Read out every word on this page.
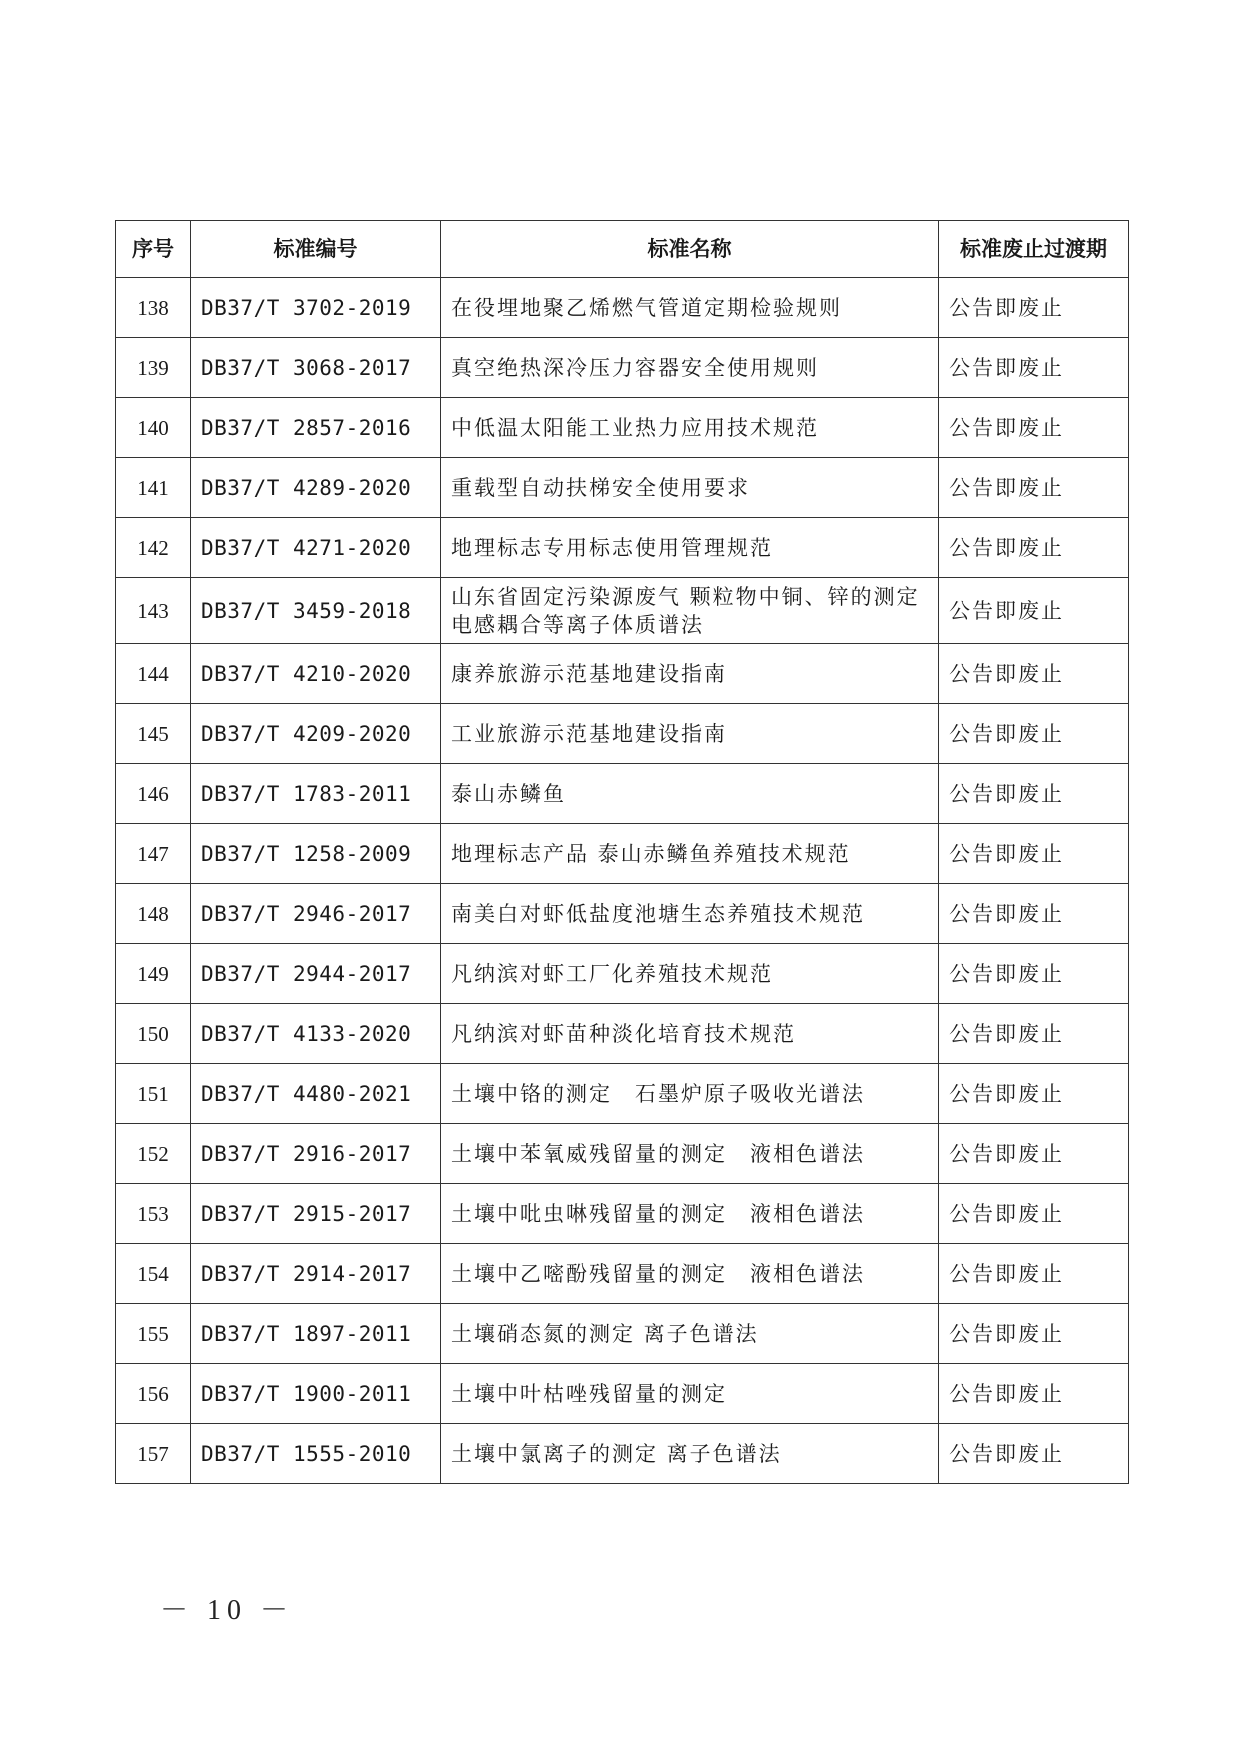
序号	标准编号	标准名称	标准废止过渡期
138	DB37/T 3702-2019	在役埋地聚乙烯燃气管道定期检验规则	公告即废止
139	DB37/T 3068-2017	真空绝热深冷压力容器安全使用规则	公告即废止
140	DB37/T 2857-2016	中低温太阳能工业热力应用技术规范	公告即废止
141	DB37/T 4289-2020	重载型自动扶梯安全使用要求	公告即废止
142	DB37/T 4271-2020	地理标志专用标志使用管理规范	公告即废止
143	DB37/T 3459-2018	山东省固定污染源废气 颗粒物中铜、锌的测定 电感耦合等离子体质谱法	公告即废止
144	DB37/T 4210-2020	康养旅游示范基地建设指南	公告即废止
145	DB37/T 4209-2020	工业旅游示范基地建设指南	公告即废止
146	DB37/T 1783-2011	泰山赤鳞鱼	公告即废止
147	DB37/T 1258-2009	地理标志产品 泰山赤鳞鱼养殖技术规范	公告即废止
148	DB37/T 2946-2017	南美白对虾低盐度池塘生态养殖技术规范	公告即废止
149	DB37/T 2944-2017	凡纳滨对虾工厂化养殖技术规范	公告即废止
150	DB37/T 4133-2020	凡纳滨对虾苗种淡化培育技术规范	公告即废止
151	DB37/T 4480-2021	土壤中铬的测定　石墨炉原子吸收光谱法	公告即废止
152	DB37/T 2916-2017	土壤中苯氧威残留量的测定　液相色谱法	公告即废止
153	DB37/T 2915-2017	土壤中吡虫啉残留量的测定　液相色谱法	公告即废止
154	DB37/T 2914-2017	土壤中乙嘧酚残留量的测定　液相色谱法	公告即废止
155	DB37/T 1897-2011	土壤硝态氮的测定 离子色谱法	公告即废止
156	DB37/T 1900-2011	土壤中叶枯唑残留量的测定	公告即废止
157	DB37/T 1555-2010	土壤中氯离子的测定 离子色谱法	公告即废止
－ 10 －
